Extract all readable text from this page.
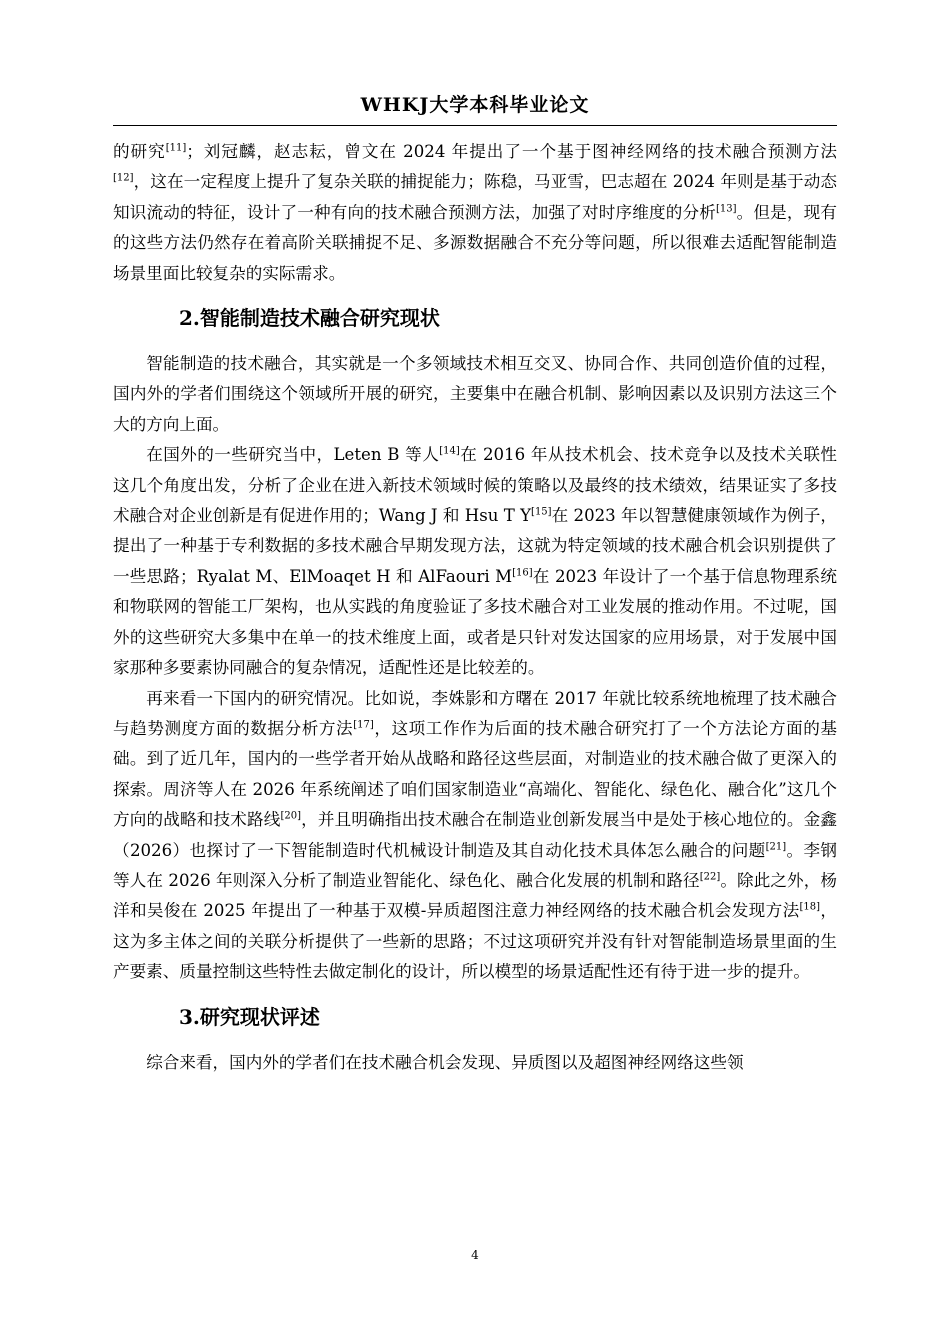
WHKJ大学本科毕业论文

的研究[11]；刘冠麟，赵志耘，曾文在 2024 年提出了一个基于图神经网络的技术融合预测方法[12]，这在一定程度上提升了复杂关联的捕捉能力；陈稳，马亚雪，巴志超在 2024 年则是基于动态知识流动的特征，设计了一种有向的技术融合预测方法，加强了对时序维度的分析[13]。但是，现有的这些方法仍然存在着高阶关联捕捉不足、多源数据融合不充分等问题，所以很难去适配智能制造场景里面比较复杂的实际需求。

2.智能制造技术融合研究现状

智能制造的技术融合，其实就是一个多领域技术相互交叉、协同合作、共同创造价值的过程，国内外的学者们围绕这个领域所开展的研究，主要集中在融合机制、影响因素以及识别方法这三个大的方向上面。

在国外的一些研究当中，Leten B 等人[14]在 2016 年从技术机会、技术竞争以及技术关联性这几个角度出发，分析了企业在进入新技术领域时候的策略以及最终的技术绩效，结果证实了多技术融合对企业创新是有促进作用的；Wang J 和 Hsu T Y[15]在 2023 年以智慧健康领域作为例子，提出了一种基于专利数据的多技术融合早期发现方法，这就为特定领域的技术融合机会识别提供了一些思路；Ryalat M、ElMoaqet H 和 AlFaouri M[16]在 2023 年设计了一个基于信息物理系统和物联网的智能工厂架构，也从实践的角度验证了多技术融合对工业发展的推动作用。不过呢，国外的这些研究大多集中在单一的技术维度上面，或者是只针对发达国家的应用场景，对于发展中国家那种多要素协同融合的复杂情况，适配性还是比较差的。

再来看一下国内的研究情况。比如说，李姝影和方曙在 2017 年就比较系统地梳理了技术融合与趋势测度方面的数据分析方法[17]，这项工作作为后面的技术融合研究打了一个方法论方面的基础。到了近几年，国内的一些学者开始从战略和路径这些层面，对制造业的技术融合做了更深入的探索。周济等人在 2026 年系统阐述了咱们国家制造业“高端化、智能化、绿色化、融合化”这几个方向的战略和技术路线[20]，并且明确指出技术融合在制造业创新发展当中是处于核心地位的。金鑫（2026）也探讨了一下智能制造时代机械设计制造及其自动化技术具体怎么融合的问题[21]。李钢等人在 2026 年则深入分析了制造业智能化、绿色化、融合化发展的机制和路径[22]。除此之外，杨洋和吴俊在 2025 年提出了一种基于双模-异质超图注意力神经网络的技术融合机会发现方法[18]，这为多主体之间的关联分析提供了一些新的思路；不过这项研究并没有针对智能制造场景里面的生产要素、质量控制这些特性去做定制化的设计，所以模型的场景适配性还有待于进一步的提升。

3.研究现状评述

综合来看，国内外的学者们在技术融合机会发现、异质图以及超图神经网络这些领

4
